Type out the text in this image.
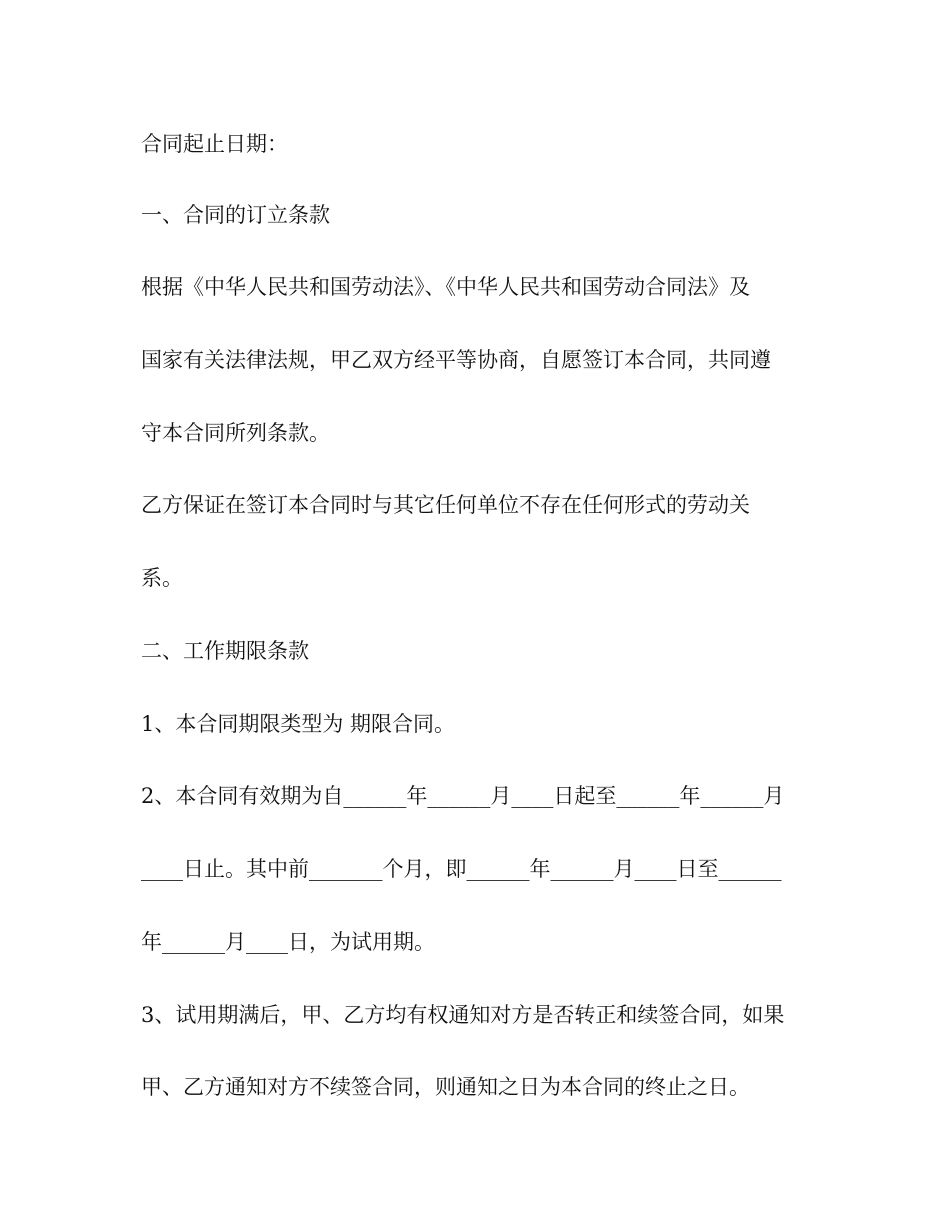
合同起止日期：

一、合同的订立条款

根据《中华人民共和国劳动法》、《中华人民共和国劳动合同法》及

国家有关法律法规，甲乙双方经平等协商，自愿签订本合同，共同遵

守本合同所列条款。

乙方保证在签订本合同时与其它任何单位不存在任何形式的劳动关

系。

二、工作期限条款

1、本合同期限类型为 期限合同。

2、本合同有效期为自______年______月____日起至______年______月

____日止。其中前_______个月，即______年______月____日至______

年______月____日，为试用期。

3、试用期满后，甲、乙方均有权通知对方是否转正和续签合同，如果

甲、乙方通知对方不续签合同，则通知之日为本合同的终止之日。
